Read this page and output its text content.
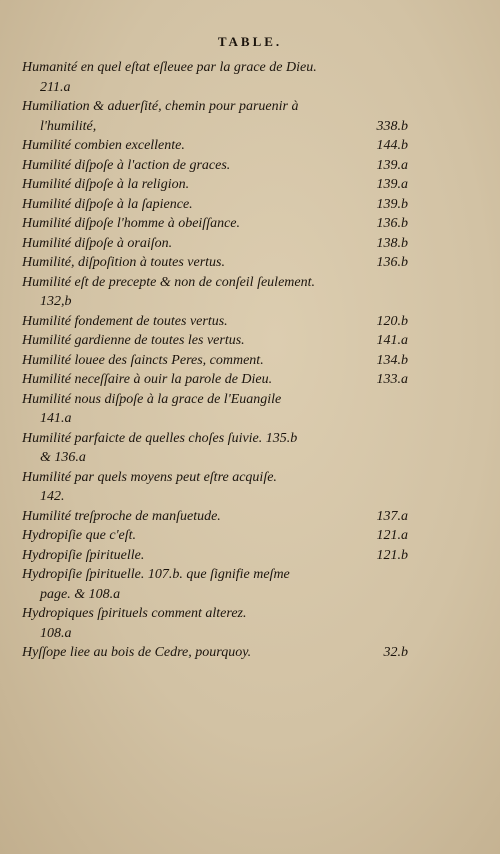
TABLE.
Humanité en quel eſtat eſleuee par la grace de Dieu.
211.a
Humiliation & aduerſité, chemin pour paruenir à
l'humilité,	338.b
Humilité combien excellente.	144.b
Humilité diſpoſe à l'action de graces.	139.a
Humilité diſpoſe à la religion.	139.a
Humilité diſpoſe à la ſapience.	139.b
Humilité diſpoſe l'homme à obeiſſance.	136.b
Humilité diſpoſe à oraiſon.	138.b
Humilité, diſpoſition à toutes vertus.	136.b
Humilité eſt de precepte & non de conſeil ſeulement.
132,b
Humilité fondement de toutes vertus.	120.b
Humilité gardienne de toutes les vertus.	141.a
Humilité louee des ſaincts Peres, comment.	134.b
Humilité neceſſaire à ouir la parole de Dieu.	133.a
Humilité nous diſpoſe à la grace de l'Euangile
141.a
Humilité parfaicte de quelles choſes ſuivie. 135.b
& 136.a
Humilité par quels moyens peut eſtre acquiſe.
142.
Humilité treſproche de manſuetude.	137.a
Hydropiſie que c'eſt.	121.a
Hydropiſie ſpirituelle.	121.b
Hydropiſie ſpirituelle. 107.b. que ſignifie meſme
page. & 108.a
Hydropiques ſpirituels comment alterez.
108.a
Hyſſope liee au bois de Cedre, pourquoy.	32.b
